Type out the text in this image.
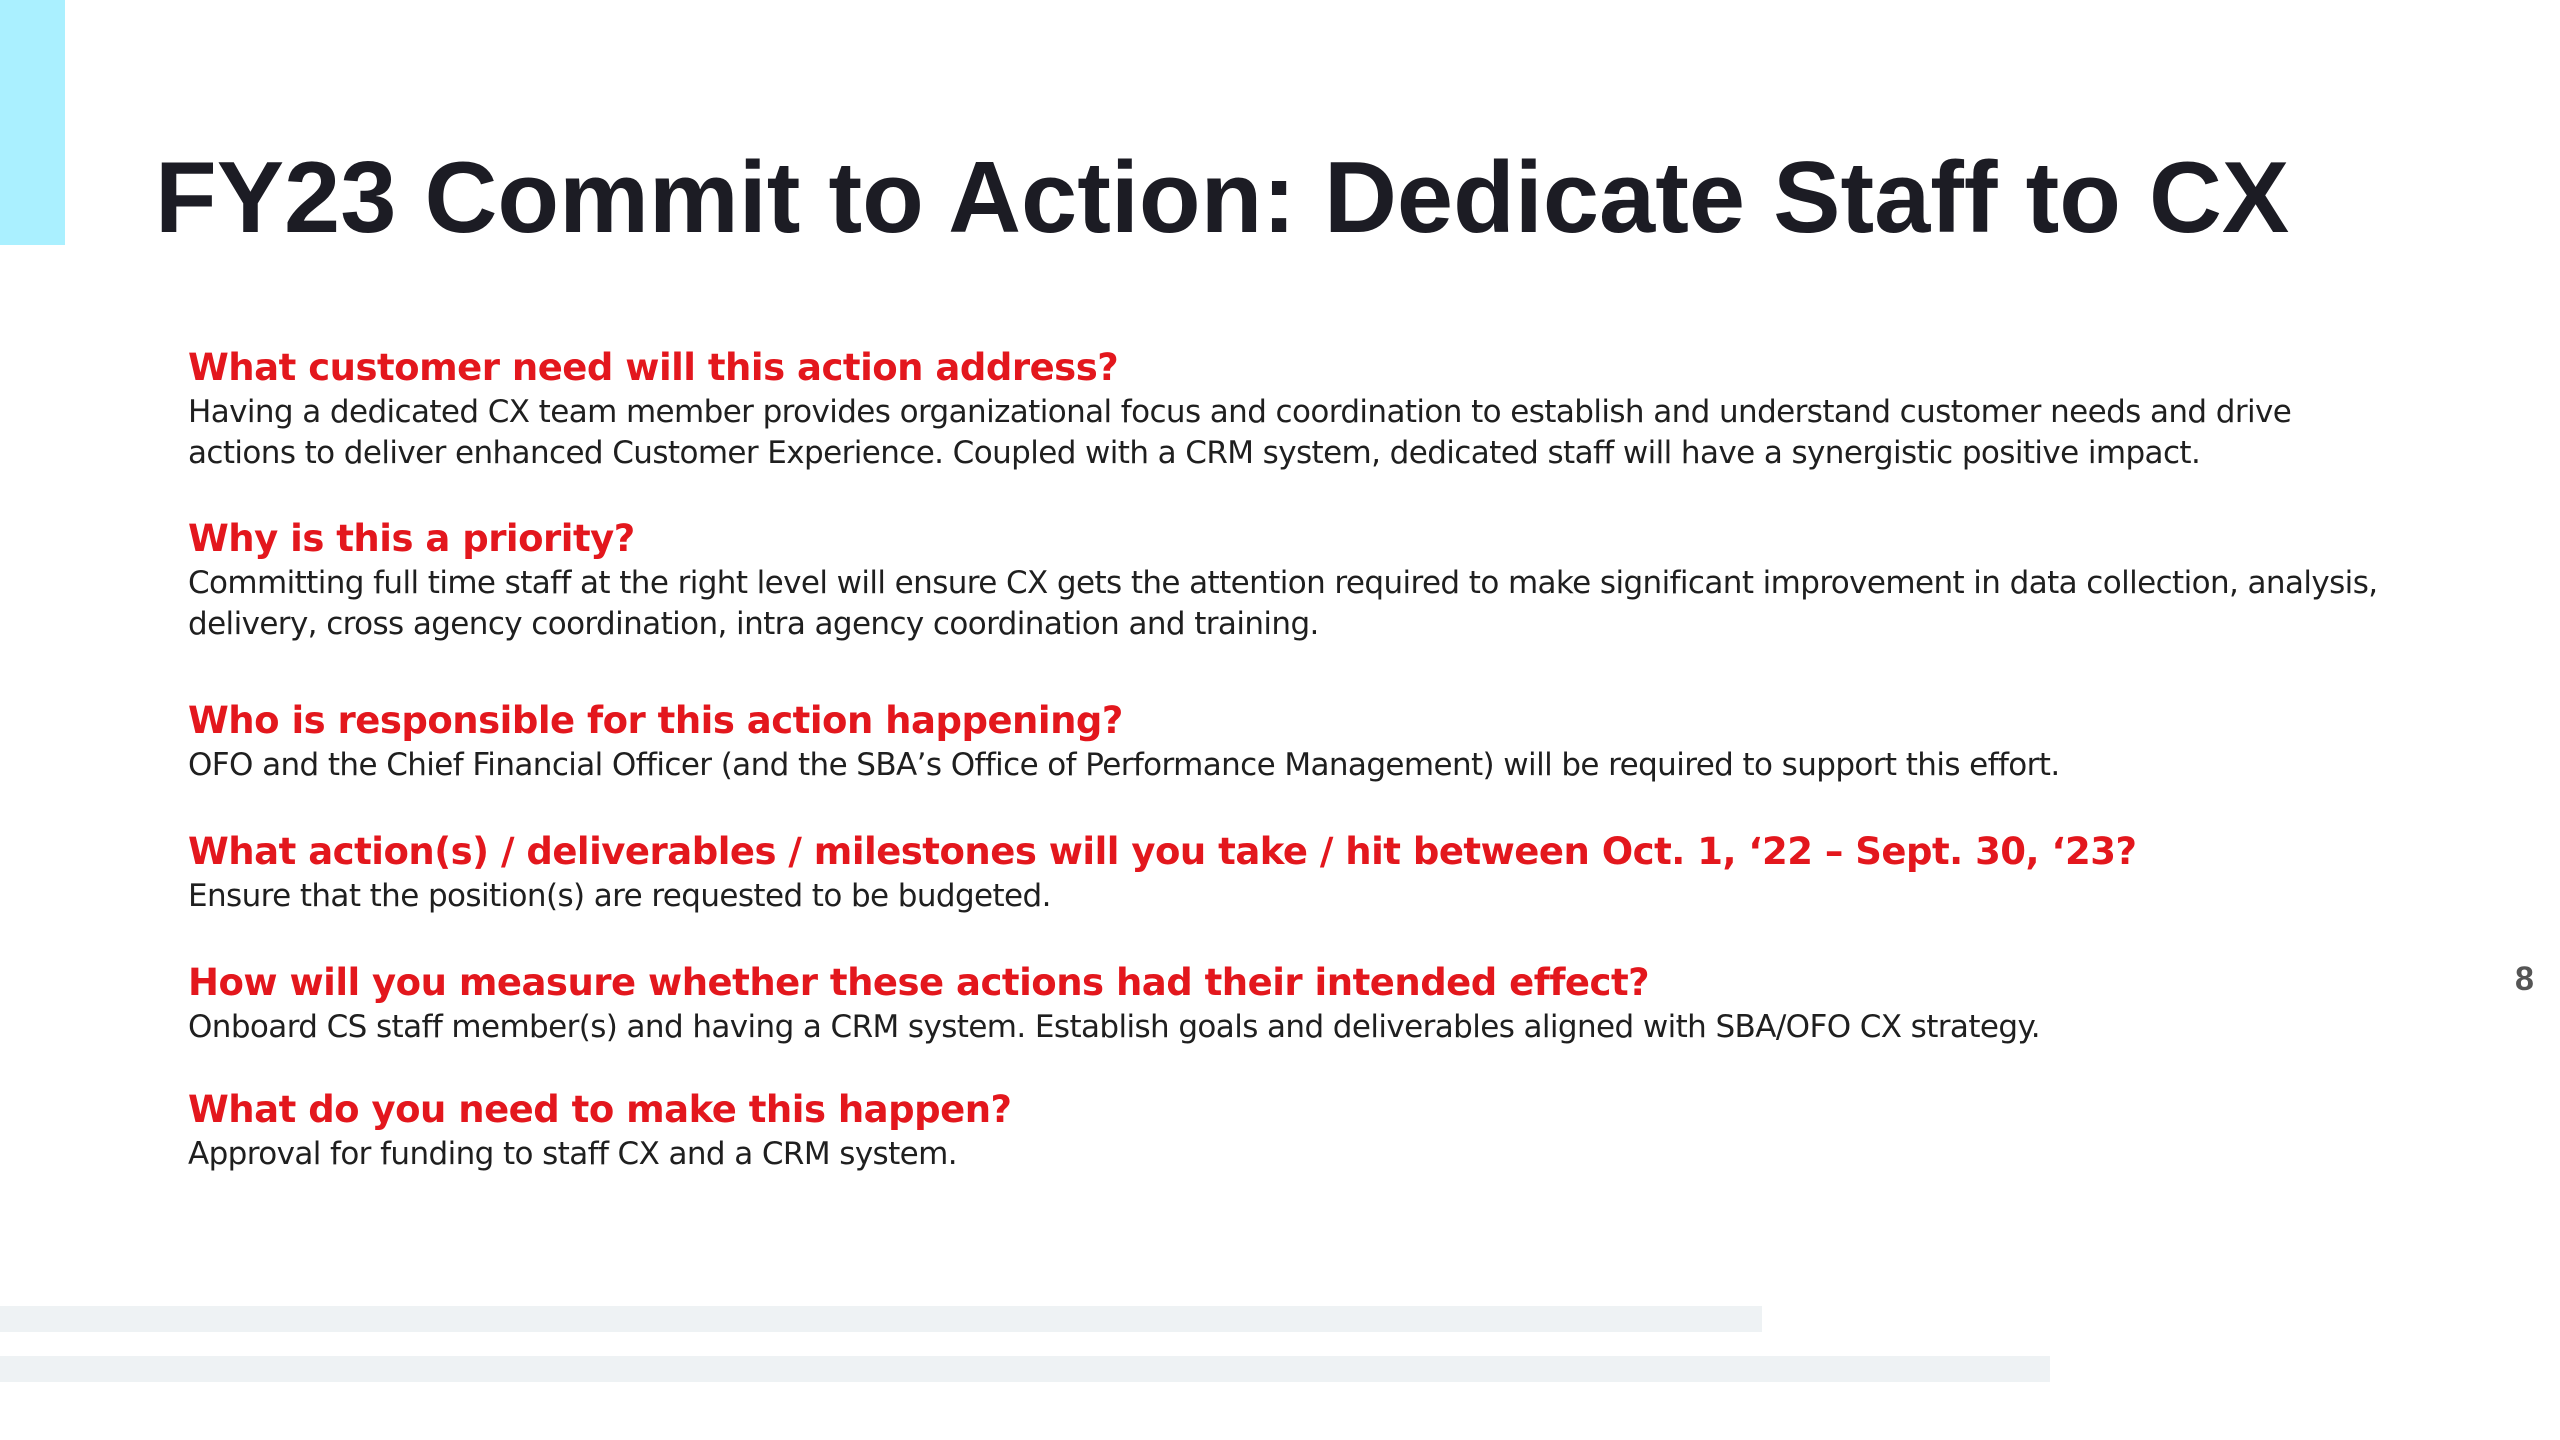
FY23 Commit to Action: Dedicate Staff to CX

What customer need will this action address?

Having a dedicated CX team member provides organizational focus and coordination to establish and understand customer needs and drive actions to deliver enhanced Customer Experience. Coupled with a CRM system, dedicated staff will have a synergistic positive impact.

Why is this a priority?

Committing full time staff at the right level will ensure CX gets the attention required to make significant improvement in data collection, analysis, delivery, cross agency coordination, intra agency coordination and training.

Who is responsible for this action happening?

OFO and the Chief Financial Officer (and the SBA’s Office of Performance Management) will be required to support this effort.

What action(s) / deliverables / milestones will you take / hit between Oct. 1, ‘22 – Sept. 30, ‘23?

Ensure that the position(s) are requested to be budgeted.

How will you measure whether these actions had their intended effect?

Onboard CS staff member(s) and having a CRM system. Establish goals and deliverables aligned with SBA/OFO CX strategy.

What do you need to make this happen?

Approval for funding to staff CX and a CRM system.

8
